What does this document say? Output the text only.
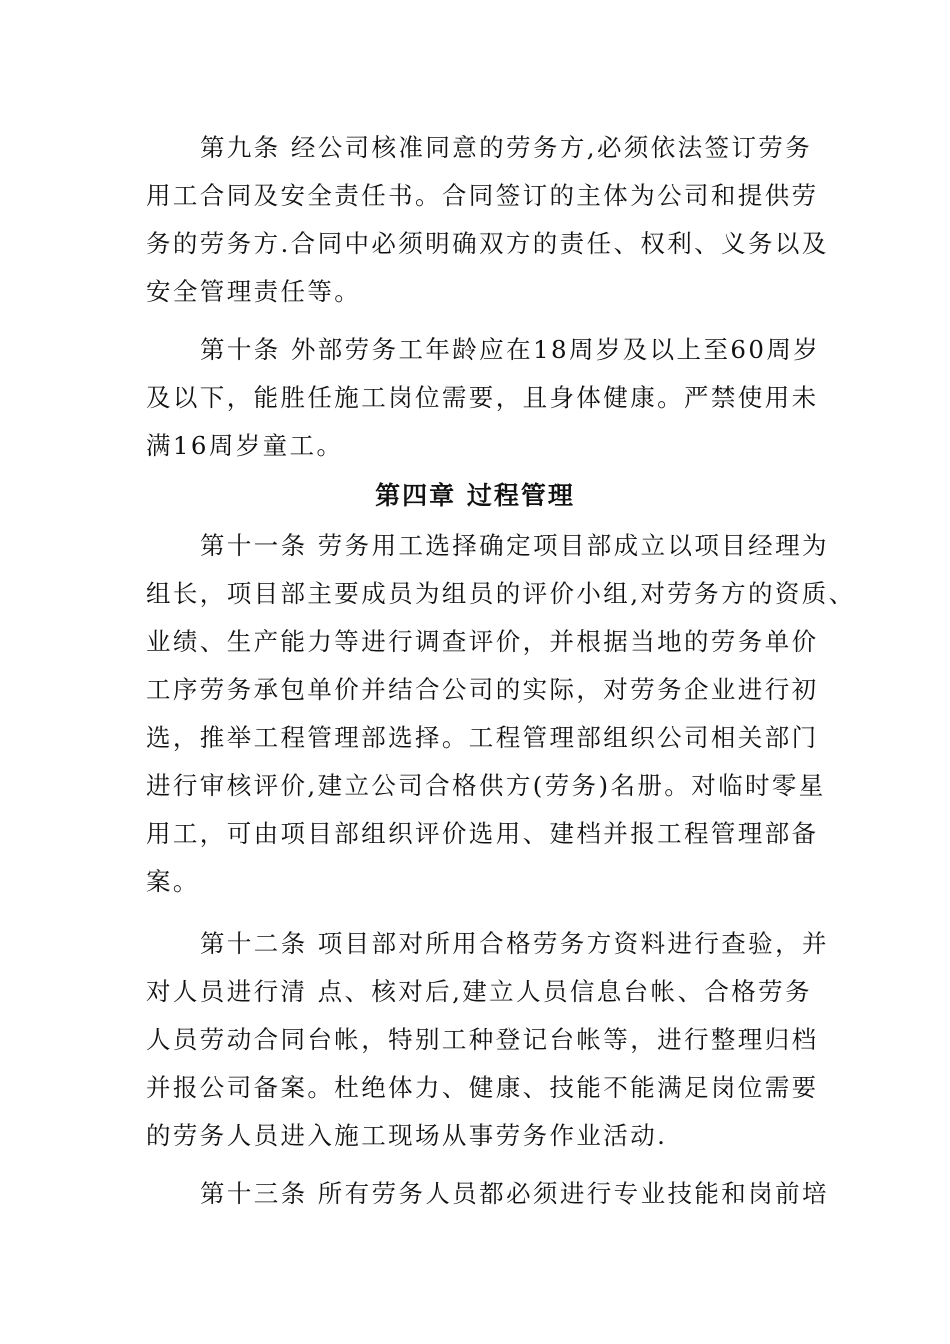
第九条 经公司核准同意的劳务方,必须依法签订劳务
用工合同及安全责任书。合同签订的主体为公司和提供劳
务的劳务方.合同中必须明确双方的责任、权利、义务以及
安全管理责任等。
第十条 外部劳务工年龄应在18周岁及以上至60周岁
及以下，能胜任施工岗位需要，且身体健康。严禁使用未
满16周岁童工。
第四章 过程管理
第十一条 劳务用工选择确定项目部成立以项目经理为
组长，项目部主要成员为组员的评价小组,对劳务方的资质、
业绩、生产能力等进行调查评价，并根据当地的劳务单价
工序劳务承包单价并结合公司的实际，对劳务企业进行初
选，推举工程管理部选择。工程管理部组织公司相关部门
进行审核评价,建立公司合格供方(劳务)名册。对临时零星
用工，可由项目部组织评价选用、建档并报工程管理部备
案。
第十二条 项目部对所用合格劳务方资料进行查验，并
对人员进行清 点、核对后,建立人员信息台帐、合格劳务
人员劳动合同台帐，特别工种登记台帐等，进行整理归档
并报公司备案。杜绝体力、健康、技能不能满足岗位需要
的劳务人员进入施工现场从事劳务作业活动.
第十三条 所有劳务人员都必须进行专业技能和岗前培
